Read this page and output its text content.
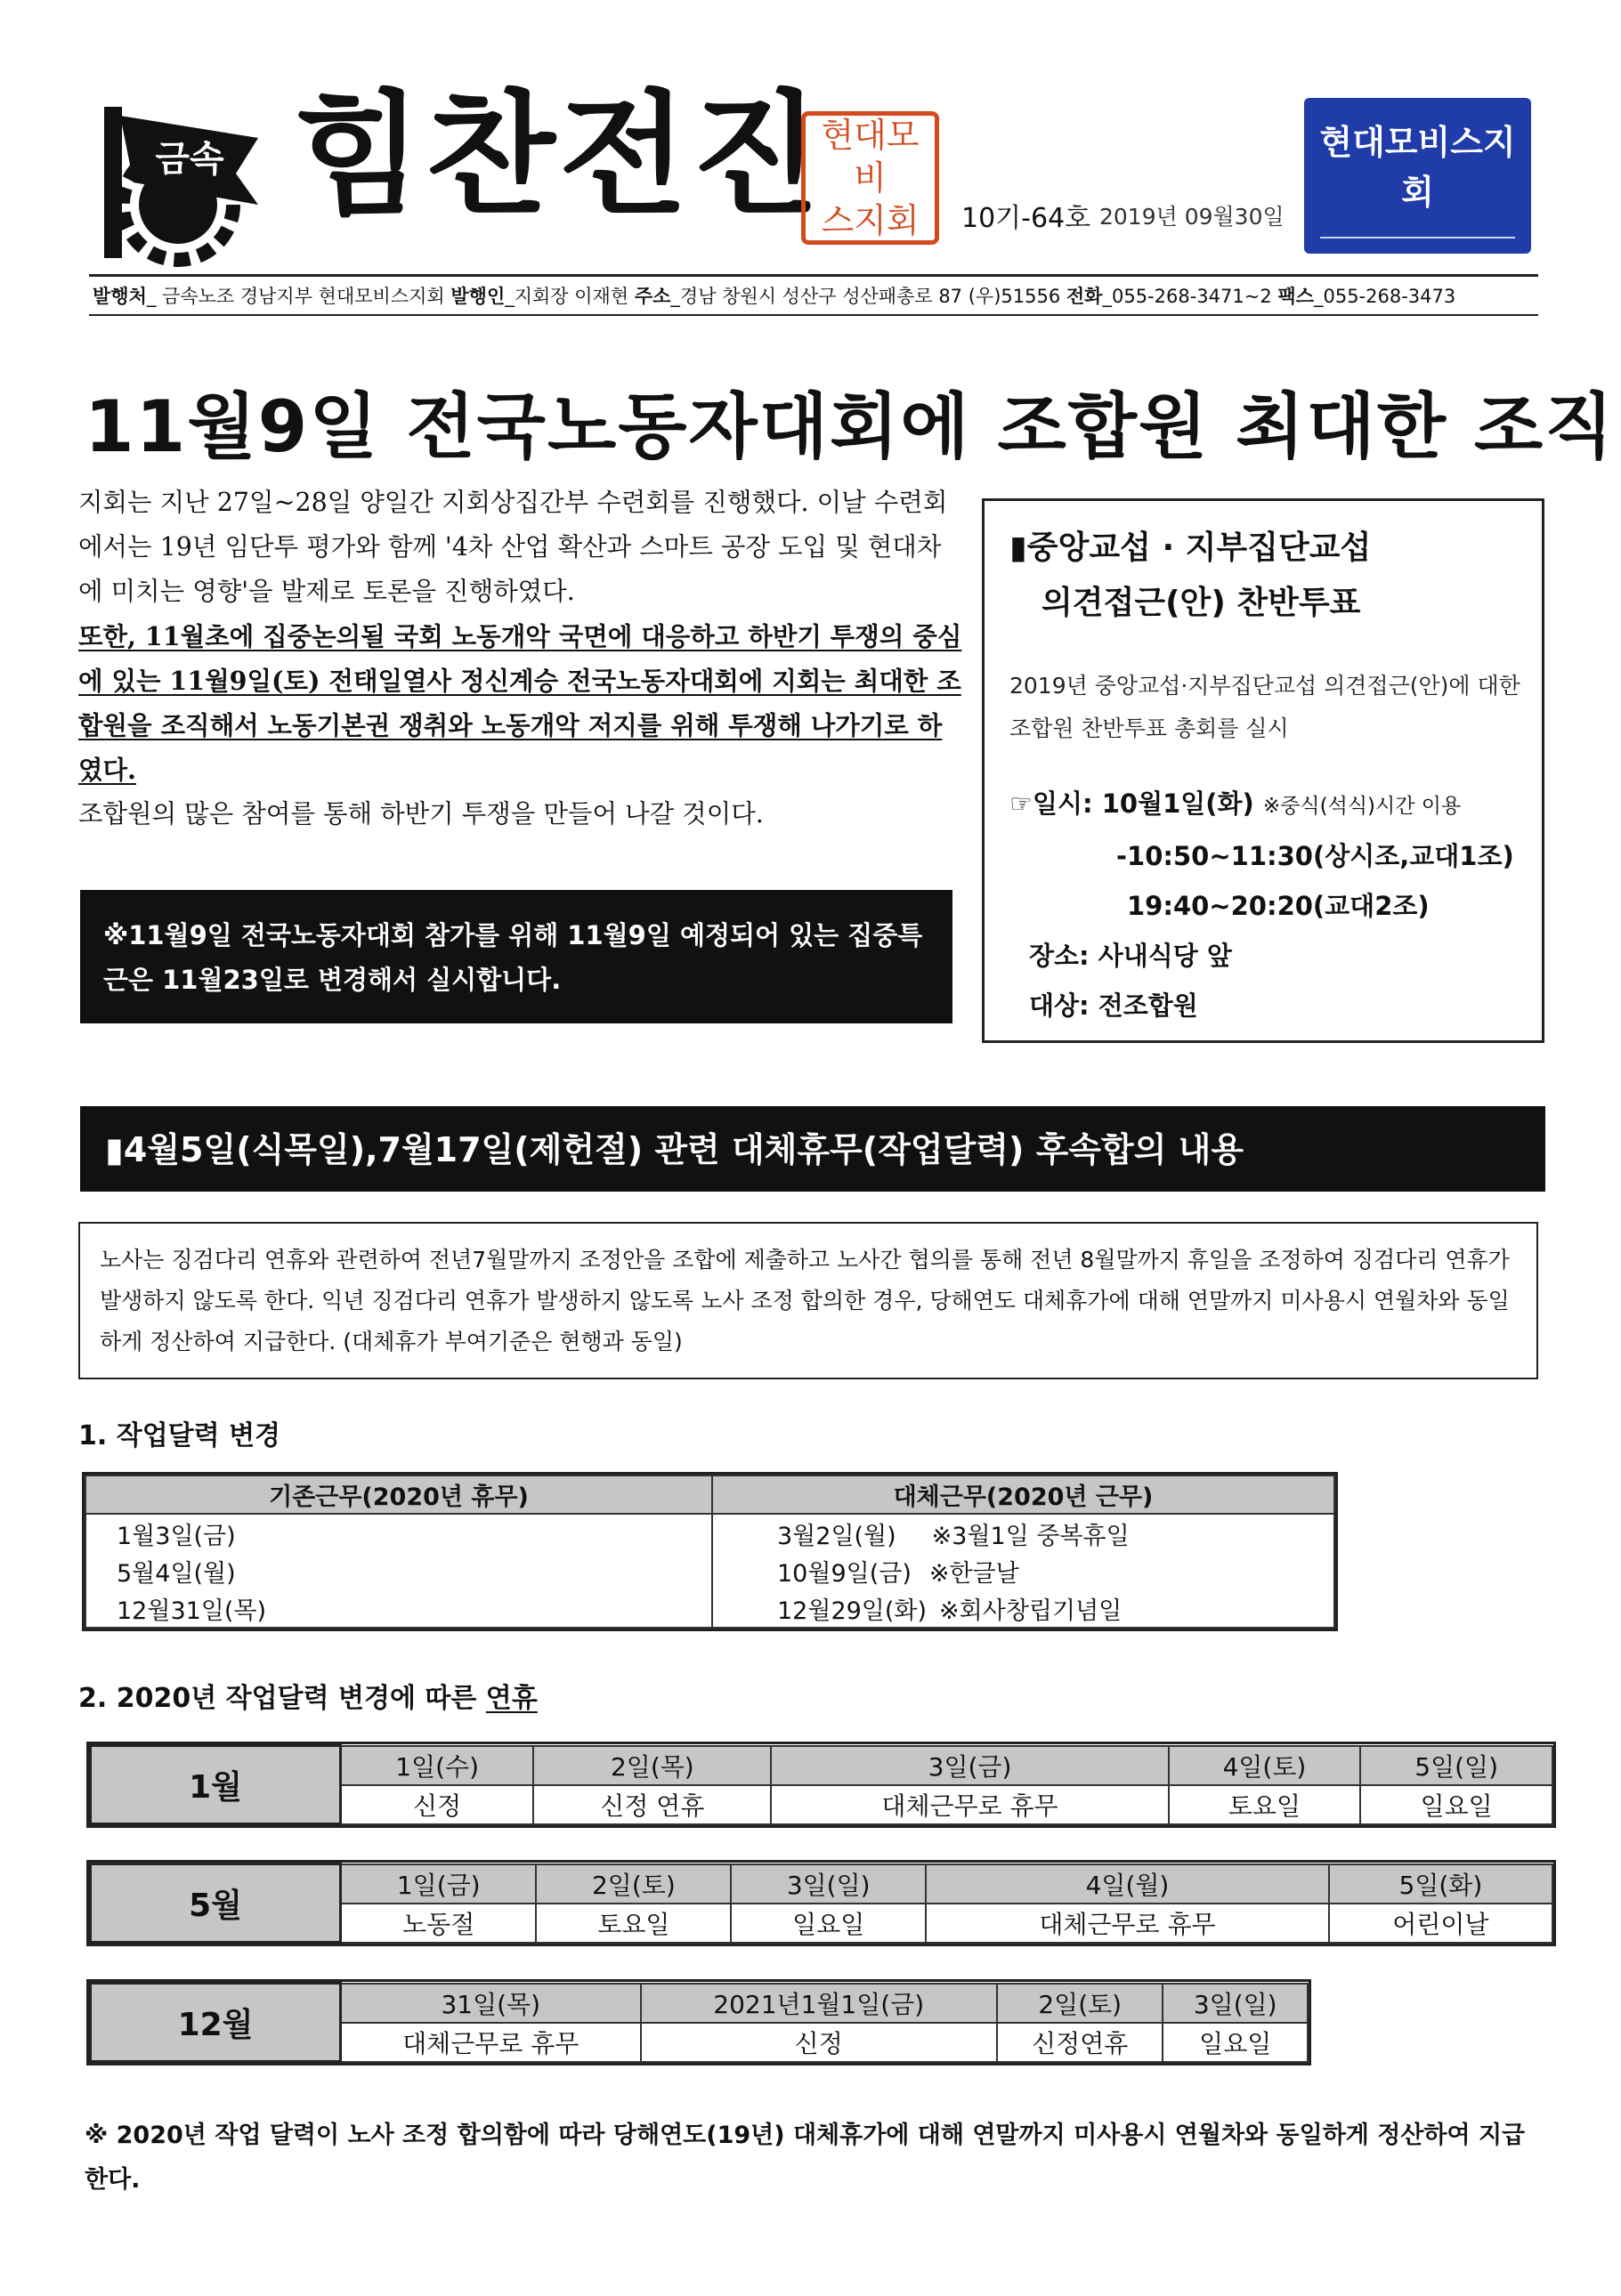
금속 힘찬전진
현대모비
스지회	10기-64호 2019년 09월30일
현대모비스지회
전국금속노동조합
발행처_ 금속노조 경남지부 현대모비스지회 발행인_지회장 이재현 주소_경남 창원시 성산구 성산패총로 87 (우)51556 전화_055-268-3471~2 팩스_055-268-3473
11월9일 전국노동자대회에 조합원 최대한 조직

지회는 지난 27일~28일 양일간 지회상집간부 수련회를 진행했다. 이날 수련회에서는 19년 임단투 평가와 함께 '4차 산업 확산과 스마트 공장 도입 및 현대차에 미치는 영향'을 발제로 토론을 진행하였다.

또한, 11월초에 집중논의될 국회 노동개악 국면에 대응하고 하반기 투쟁의 중심에 있는 11월9일(토) 전태일열사 정신계승 전국노동자대회에 지회는 최대한 조합원을 조직해서 노동기본권 쟁취와 노동개악 저지를 위해 투쟁해 나가기로 하였다.

조합원의 많은 참여를 통해 하반기 투쟁을 만들어 나갈 것이다.

※11월9일 전국노동자대회 참가를 위해 11월9일 예정되어 있는 집중특근은 11월23일로 변경해서 실시합니다.
▮중앙교섭 · 지부집단교섭
의견접근(안) 찬반투표
2019년 중앙교섭·지부집단교섭 의견접근(안)에 대한 조합원 찬반투표 총회를 실시
☞일시: 10월1일(화) ※중식(석식)시간 이용
-10:50~11:30(상시조,교대1조)
19:40~20:20(교대2조)
장소: 사내식당 앞
대상: 전조합원
▮4월5일(식목일),7월17일(제헌절) 관련 대체휴무(작업달력) 후속합의 내용
노사는 징검다리 연휴와 관련하여 전년7월말까지 조정안을 조합에 제출하고 노사간 협의를 통해 전년 8월말까지 휴일을 조정하여 징검다리 연휴가 발생하지 않도록 한다. 익년 징검다리 연휴가 발생하지 않도록 노사 조정 합의한 경우, 당해연도 대체휴가에 대해 연말까지 미사용시 연월차와 동일하게 정산하여 지급한다. (대체휴가 부여기준은 현행과 동일)
1. 작업달력 변경
기존근무(2020년 휴무)	대체근무(2020년 근무)
1월3일(금)	3월2일(월) ※3월1일 중복휴일
5월4일(월)	10월9일(금) ※한글날
12월31일(목)	12월29일(화) ※회사창립기념일
2. 2020년 작업달력 변경에 따른 연휴
1월	1일(수)	2일(목)	3일(금)	4일(토)	5일(일)
	신정	신정 연휴	대체근무로 휴무	토요일	일요일
5월	1일(금)	2일(토)	3일(일)	4일(월)	5일(화)
	노동절	토요일	일요일	대체근무로 휴무	어린이날
12월	31일(목)	2021년1월1일(금)	2일(토)	3일(일)
	대체근무로 휴무	신정	신정연휴	일요일
※ 2020년 작업 달력이 노사 조정 합의함에 따라 당해연도(19년) 대체휴가에 대해 연말까지 미사용시 연월차와 동일하게 정산하여 지급한다.
